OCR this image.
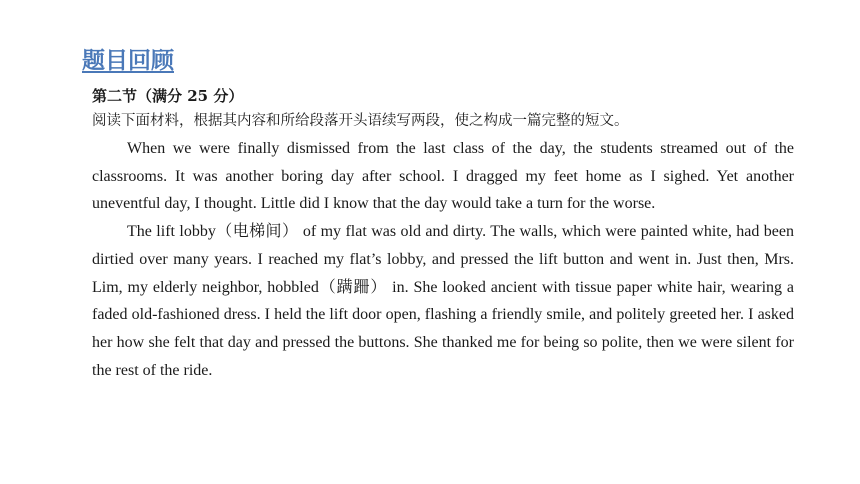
题目回顾
第二节（满分 25 分）
阅读下面材料，根据其内容和所给段落开头语续写两段，使之构成一篇完整的短文。

When we were finally dismissed from the last class of the day, the students streamed out of the classrooms. It was another boring day after school. I dragged my feet home as I sighed. Yet another uneventful day, I thought. Little did I know that the day would take a turn for the worse.

The lift lobby（电梯间） of my flat was old and dirty. The walls, which were painted white, had been dirtied over many years. I reached my flat’s lobby, and pressed the lift button and went in. Just then, Mrs. Lim, my elderly neighbor, hobbled（蹒跚） in. She looked ancient with tissue paper white hair, wearing a faded old-fashioned dress. I held the lift door open, flashing a friendly smile, and politely greeted her. I asked her how she felt that day and pressed the buttons. She thanked me for being so polite, then we were silent for the rest of the ride.
